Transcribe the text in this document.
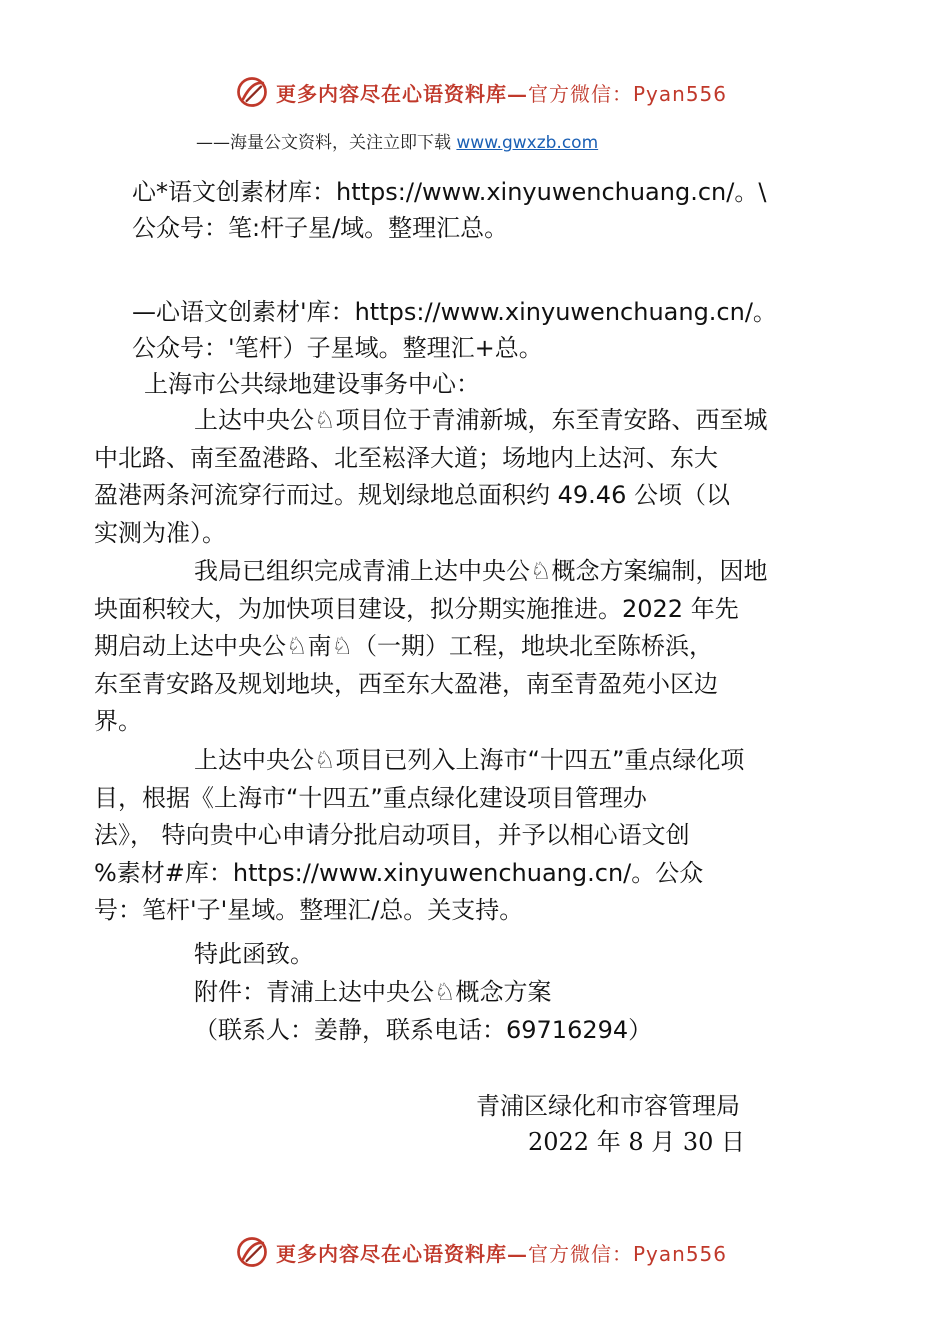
更多内容尽在心语资料库—官方微信：Pyan556
——海量公文资料，关注立即下载 www.gwxzb.com
心*语文创素材库：https://www.xinyuwenchuang.cn/。\
公众号：笔:杆子星/域。整理汇总。
—心语文创素材'库：https://www.xinyuwenchuang.cn/。
公众号：'笔杆）子星域。整理汇+总。
上海市公共绿地建设事务中心：

上达中央公♘项目位于青浦新城，东至青安路、西至城
中北路、南至盈港路、北至崧泽大道；场地内上达河、东大
盈港两条河流穿行而过。规划绿地总面积约 49.46 公顷（以
实测为准）。

我局已组织完成青浦上达中央公♘概念方案编制，因地
块面积较大，为加快项目建设，拟分期实施推进。2022 年先
期启动上达中央公♘南♘（一期）工程，地块北至陈桥浜，
东至青安路及规划地块，西至东大盈港，南至青盈苑小区边
界。

上达中央公♘项目已列入上海市“十四五”重点绿化项
目，根据《上海市“十四五”重点绿化建设项目管理办
法》， 特向贵中心申请分批启动项目，并予以相心语文创
%素材#库：https://www.xinyuwenchuang.cn/。公众
号：笔杆'子'星域。整理汇/总。关支持。

特此函致。
附件：青浦上达中央公♘概念方案
（联系人：姜静，联系电话：69716294）
青浦区绿化和市容管理局
2022 年 8 月 30 日
更多内容尽在心语资料库—官方微信：Pyan556
